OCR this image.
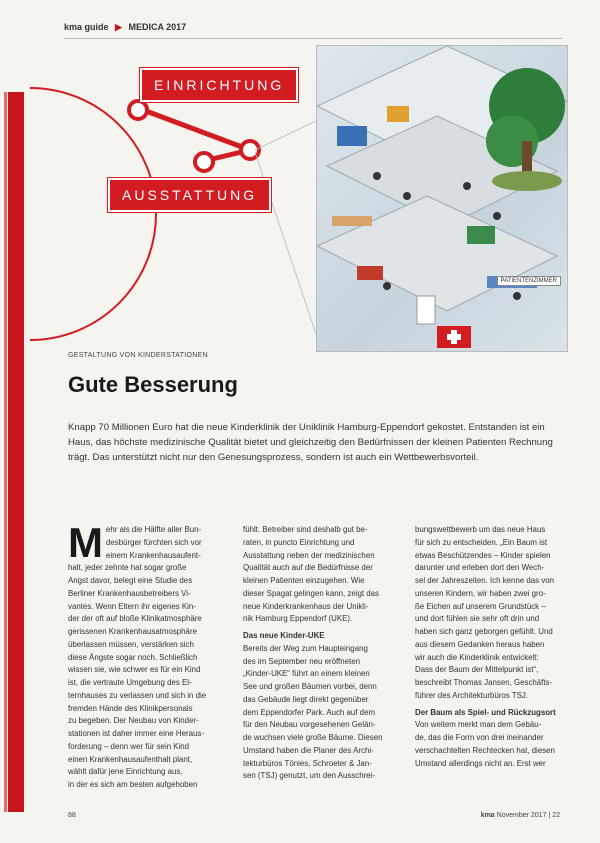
kma guide ▶ MEDICA 2017
EINRICHTUNG
AUSSTATTUNG
PATIENTENZIMMER
GESTALTUNG VON KINDERSTATIONEN
Gute Besserung
Knapp 70 Millionen Euro hat die neue Kinderklinik der Uniklinik Hamburg-Eppendorf gekostet. Entstanden ist ein Haus, das höchste medizinische Qualität bietet und gleichzeitig den Bedürfnissen der kleinen Patienten Rechnung trägt. Das unterstützt nicht nur den Genesungsprozess, sondern ist auch ein Wettbewerbsvorteil.
M ehr als die Hälfte aller Bun-
desbürger fürchten sich vor
einem Krankenhausaufent-
halt, jeder zehnte hat sogar große
Angst davor, belegt eine Studie des
Berliner Krankenhausbetreibers Vi-
vantes. Wenn Eltern ihr eigenes Kin-
der der oft auf bloße Klinikatmosphäre
gerissenen Krankenhausatmosphäre
überlassen müssen, verstärken sich
diese Ängste sogar noch. Schließlich
wissen sie, wie schwer es für ein Kind
ist, die vertraute Umgebung des El-
ternhauses zu verlassen und sich in die
fremden Hände des Klinikpersonals
zu begeben. Der Neubau von Kinder-
stationen ist daher immer eine Heraus-
forderung – denn wer für sein Kind
einen Krankenhausaufenthalt plant,
wählt dafür jene Einrichtung aus,
in der es sich am besten aufgehoben
fühlt. Betreiber sind deshalb gut be-
raten, in puncto Einrichtung und
Ausstattung neben der medizinischen
Qualität auch auf die Bedürfnisse der
kleinen Patienten einzugehen. Wie
dieser Spagat gelingen kann, zeigt das
neue Kinderkrankenhaus der Unikli-
nik Hamburg Eppendorf (UKE).
Das neue Kinder-UKE
Bereits der Weg zum Haupteingang
des im September neu eröffneten
„Kinder-UKE“ führt an einem kleinen
See und großen Bäumen vorbei, denn
das Gebäude liegt direkt gegenüber
dem Eppendorfer Park. Auch auf dem
für den Neubau vorgesehenen Gelän-
de wuchsen viele große Bäume. Diesen
Umstand haben die Planer des Archi-
tekturbüros Tönies, Schroeter & Jan-
sen (TSJ) genutzt, um den Ausschrei-
bungswettbewerb um das neue Haus
für sich zu entscheiden. „Ein Baum ist
etwas Beschützendes – Kinder spielen
darunter und erleben dort den Wech-
sel der Jahreszeiten. Ich kenne das von
unseren Kindern, wir haben zwei gro-
ße Eichen auf unserem Grundstück –
und dort fühlen sie sehr oft drin und
haben sich ganz geborgen gefühlt. Und
aus diesem Gedanken heraus haben
wir auch die Kinderklinik entwickelt:
Dass der Baum der Mittelpunkt ist“,
beschreibt Thomas Jansen, Geschäfts-
führer des Architekturbüros TSJ.
Der Baum als Spiel- und Rückzugsort
Von weitem merkt man dem Gebäu-
de, das die Form von drei ineinander
verschachtelten Rechtecken hat, diesen
Umstand allerdings nicht an. Erst wer
88	kma November 2017 | 22
